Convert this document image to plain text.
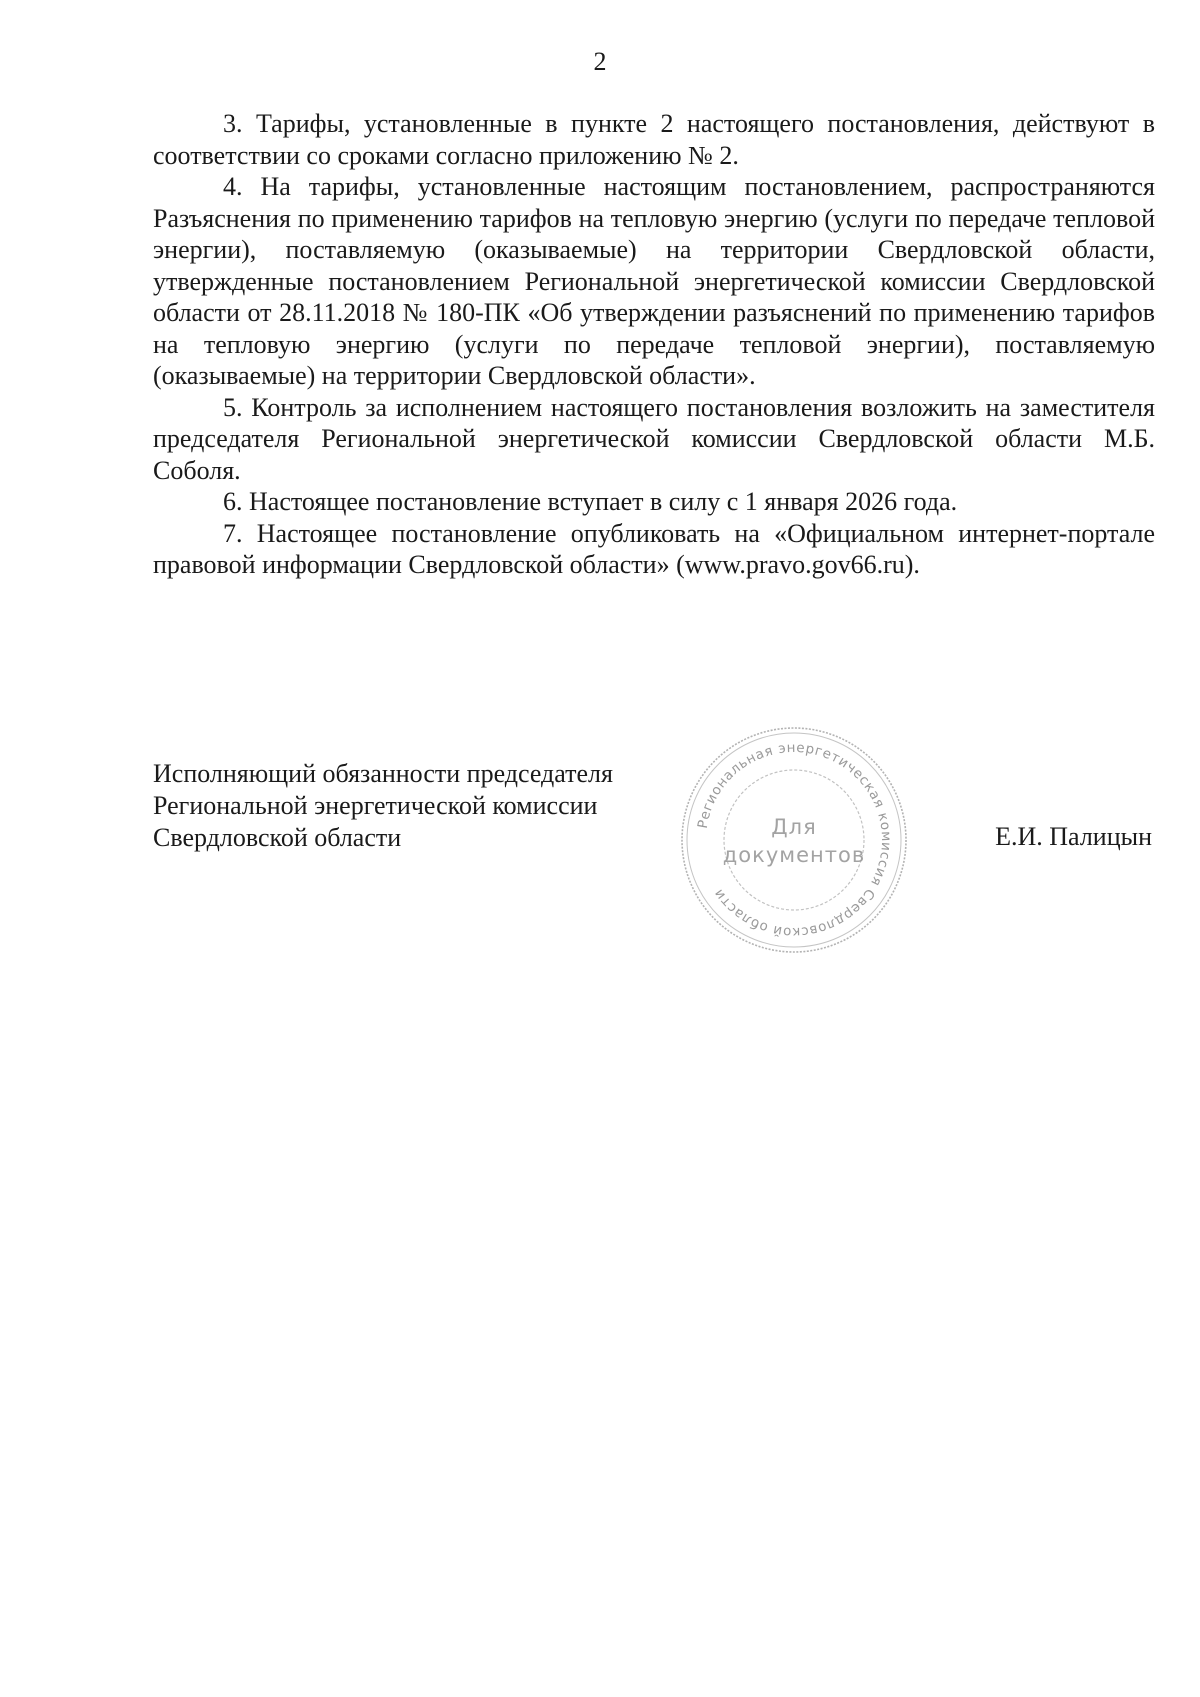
2

3. Тарифы, установленные в пункте 2 настоящего постановления, действуют в соответствии со сроками согласно приложению № 2.

4. На тарифы, установленные настоящим постановлением, распространяются Разъяснения по применению тарифов на тепловую энергию (услуги по передаче тепловой энергии), поставляемую (оказываемые) на территории Свердловской области, утвержденные постановлением Региональной энергетической комиссии Свердловской области от 28.11.2018 № 180-ПК «Об утверждении разъяснений по применению тарифов на тепловую энергию (услуги по передаче тепловой энергии), поставляемую (оказываемые) на территории Свердловской области».

5. Контроль за исполнением настоящего постановления возложить на заместителя председателя Региональной энергетической комиссии Свердловской области М.Б. Соболя.

6. Настоящее постановление вступает в силу с 1 января 2026 года.

7. Настоящее постановление опубликовать на «Официальном интернет-портале правовой информации Свердловской области» (www.pravo.gov66.ru).

Исполняющий обязанности председателя
Региональной энергетической комиссии
Свердловской области	Региональная энергетическая комиссия Свердловской области
Для
документов
Е.И. Палицын
